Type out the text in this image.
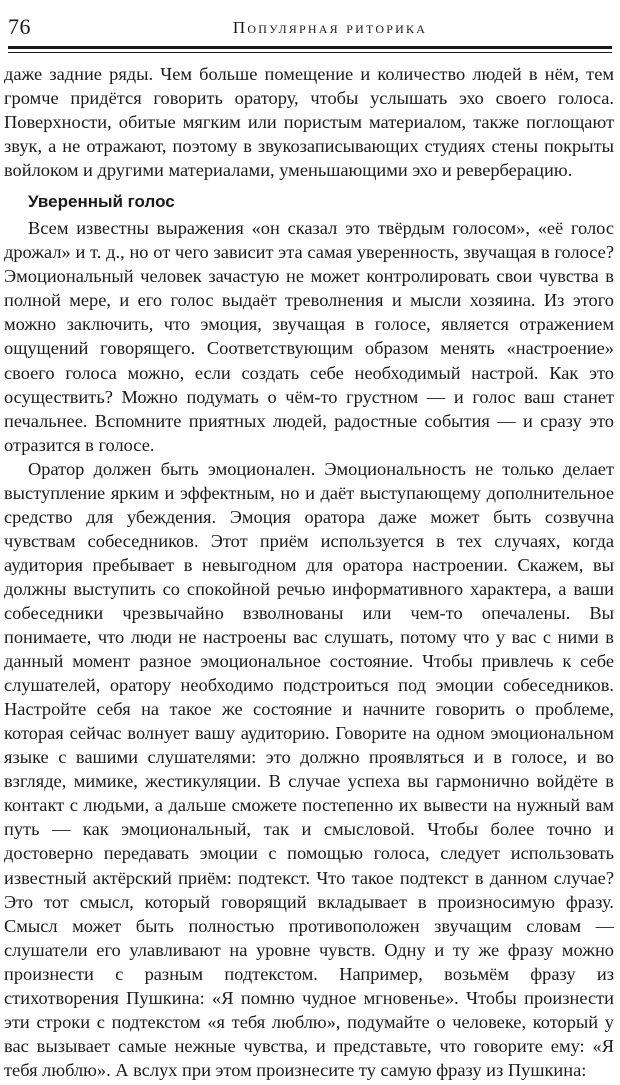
76	Популярная риторика

даже задние ряды. Чем больше помещение и количество людей в нём, тем громче придётся говорить оратору, чтобы услышать эхо своего голоса. Поверхности, обитые мягким или пористым материалом, также поглощают звук, а не отражают, поэтому в звукозаписывающих студиях стены покрыты войлоком и другими материалами, уменьшающими эхо и реверберацию.

Уверенный голос

Всем известны выражения «он сказал это твёрдым голосом», «её голос дрожал» и т. д., но от чего зависит эта самая уверенность, звучащая в голосе? Эмоциональный человек зачастую не может контролировать свои чувства в полной мере, и его голос выдаёт треволнения и мысли хозяина. Из этого можно заключить, что эмоция, звучащая в голосе, является отражением ощущений говорящего. Соответствующим образом менять «настроение» своего голоса можно, если создать себе необходимый настрой. Как это осуществить? Можно подумать о чём-то грустном — и голос ваш станет печальнее. Вспомните приятных людей, радостные события — и сразу это отразится в голосе.

Оратор должен быть эмоционален. Эмоциональность не только делает выступление ярким и эффектным, но и даёт выступающему дополнительное средство для убеждения. Эмоция оратора даже может быть созвучна чувствам собеседников. Этот приём используется в тех случаях, когда аудитория пребывает в невыгодном для оратора настроении. Скажем, вы должны выступить со спокойной речью информативного характера, а ваши собеседники чрезвычайно взволнованы или чем-то опечалены. Вы понимаете, что люди не настроены вас слушать, потому что у вас с ними в данный момент разное эмоциональное состояние. Чтобы привлечь к себе слушателей, оратору необходимо подстроиться под эмоции собеседников. Настройте себя на такое же состояние и начните говорить о проблеме, которая сейчас волнует вашу аудиторию. Говорите на одном эмоциональном языке с вашими слушателями: это должно проявляться и в голосе, и во взгляде, мимике, жестикуляции. В случае успеха вы гармонично войдёте в контакт с людьми, а дальше сможете постепенно их вывести на нужный вам путь — как эмоциональный, так и смысловой. Чтобы более точно и достоверно передавать эмоции с помощью голоса, следует использовать известный актёрский приём: подтекст. Что такое подтекст в данном случае? Это тот смысл, который говорящий вкладывает в произносимую фразу. Смысл может быть полностью противоположен звучащим словам — слушатели его улавливают на уровне чувств. Одну и ту же фразу можно произнести с разным подтекстом. Например, возьмём фразу из стихотворения Пушкина: «Я помню чудное мгновенье». Чтобы произнести эти строки с подтекстом «я тебя люблю», подумайте о человеке, который у вас вызывает самые нежные чувства, и представьте, что говорите ему: «Я тебя люблю». А вслух при этом произнесите ту самую фразу из Пушкина:
